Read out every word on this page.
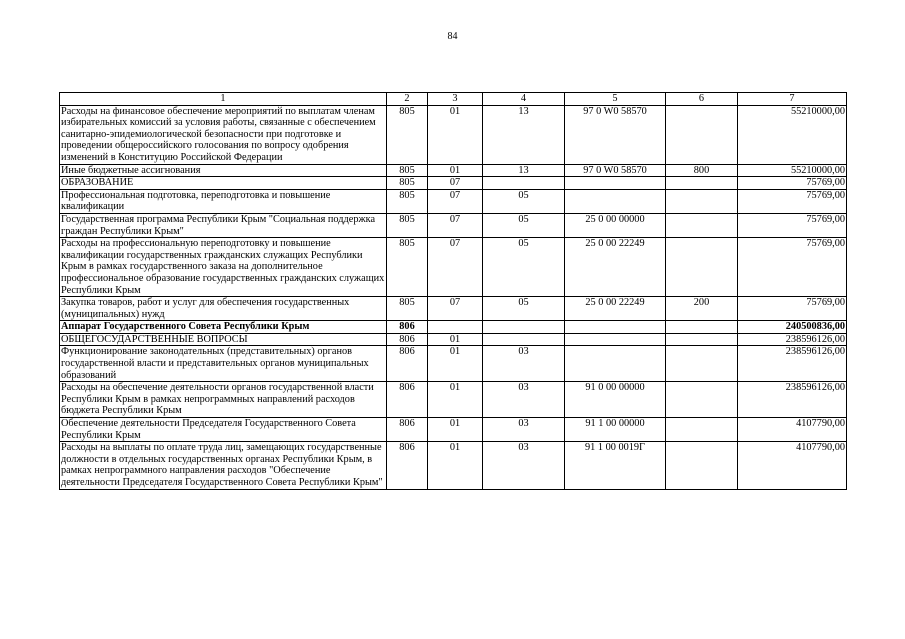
84
1	2	3	4	5	6	7
Расходы на финансовое обеспечение мероприятий по выплатам членам избирательных комиссий за условия работы, связанные с обеспечением санитарно-эпидемиологической безопасности при подготовке и проведении общероссийского голосования по вопросу одобрения изменений в Конституцию Российской Федерации	805	01	13	97 0 W0 58570		55210000,00
Иные бюджетные ассигнования	805	01	13	97 0 W0 58570	800	55210000,00
ОБРАЗОВАНИЕ	805	07				75769,00
Профессиональная подготовка, переподготовка и повышение квалификации	805	07	05			75769,00
Государственная программа Республики Крым "Социальная поддержка граждан Республики Крым"	805	07	05	25 0 00 00000		75769,00
Расходы на профессиональную переподготовку и повышение квалификации государственных гражданских служащих Республики Крым в рамках государственного заказа на дополнительное профессиональное образование государственных гражданских служащих Республики Крым	805	07	05	25 0 00 22249		75769,00
Закупка товаров, работ и услуг для обеспечения государственных (муниципальных) нужд	805	07	05	25 0 00 22249	200	75769,00
Аппарат Государственного Совета Республики Крым	806					240500836,00
ОБЩЕГОСУДАРСТВЕННЫЕ ВОПРОСЫ	806	01				238596126,00
Функционирование законодательных (представительных) органов государственной власти и представительных органов муниципальных образований	806	01	03			238596126,00
Расходы на обеспечение деятельности органов государственной власти Республики Крым в рамках непрограммных направлений расходов бюджета Республики Крым	806	01	03	91 0 00 00000		238596126,00
Обеспечение деятельности Председателя Государственного Совета Республики Крым	806	01	03	91 1 00 00000		4107790,00
Расходы на выплаты по оплате труда лиц, замещающих государственные должности в отдельных государственных органах Республики Крым, в рамках непрограммного направления расходов "Обеспечение деятельности Председателя Государственного Совета Республики Крым"	806	01	03	91 1 00 0019Г		4107790,00
